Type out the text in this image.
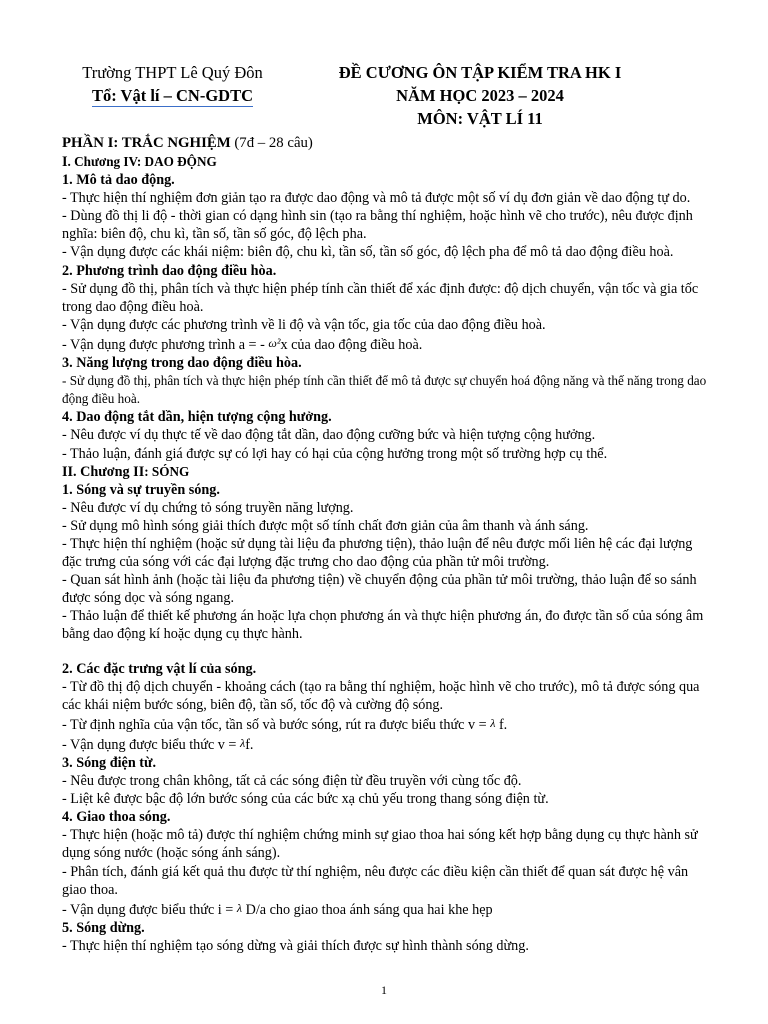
Trường THPT Lê Quý Đôn
Tổ: Vật lí – CN-GDTC
ĐỀ CƯƠNG ÔN TẬP KIỂM TRA HK I
NĂM HỌC 2023 – 2024
MÔN: VẬT LÍ 11
PHẦN I: TRẮC NGHIỆM (7đ – 28 câu)
I. Chương IV: DAO ĐỘNG
1. Mô tả dao động.
- Thực hiện thí nghiệm đơn giản tạo ra được dao động và mô tả được một số ví dụ đơn giản về dao động tự do.
- Dùng đồ thị li độ - thời gian có dạng hình sin (tạo ra bằng thí nghiệm, hoặc hình vẽ cho trước), nêu được định nghĩa: biên độ, chu kì, tần số, tần số góc, độ lệch pha.
- Vận dụng được các khái niệm: biên độ, chu kì, tần số, tần số góc, độ lệch pha để mô tả dao động điều hoà.
2. Phương trình dao động điều hòa.
- Sử dụng đồ thị, phân tích và thực hiện phép tính cần thiết để xác định được: độ dịch chuyển, vận tốc và gia tốc trong dao động điều hoà.
- Vận dụng được các phương trình về li độ và vận tốc, gia tốc của dao động điều hoà.
- Vận dụng được phương trình a = - ω²x của dao động điều hoà.
3. Năng lượng trong dao động điều hòa.
- Sử dụng đồ thị, phân tích và thực hiện phép tính cần thiết để mô tả được sự chuyển hoá động năng và thế năng trong dao động điều hoà.
4. Dao động tắt dần, hiện tượng cộng hưởng.
- Nêu được ví dụ thực tế về dao động tắt dần, dao động cưỡng bức và hiện tượng cộng hưởng.
- Thảo luận, đánh giá được sự có lợi hay có hại của cộng hưởng trong một số trường hợp cụ thể.
II. Chương II: SÓNG
1. Sóng và sự truyền sóng.
- Nêu được ví dụ chứng tỏ sóng truyền năng lượng.
- Sử dụng mô hình sóng giải thích được một số tính chất đơn giản của âm thanh và ánh sáng.
- Thực hiện thí nghiệm (hoặc sử dụng tài liệu đa phương tiện), thảo luận để nêu được mối liên hệ các đại lượng đặc trưng của sóng với các đại lượng đặc trưng cho dao động của phần tử môi trường.
- Quan sát hình ảnh (hoặc tài liệu đa phương tiện) về chuyển động của phần tử môi trường, thảo luận để so sánh được sóng dọc và sóng ngang.
- Thảo luận để thiết kế phương án hoặc lựa chọn phương án và thực hiện phương án, đo được tần số của sóng âm bằng dao động kí hoặc dụng cụ thực hành.
2. Các đặc trưng vật lí của sóng.
- Từ đồ thị độ dịch chuyển - khoảng cách (tạo ra bằng thí nghiệm, hoặc hình vẽ cho trước), mô tả được sóng qua các khái niệm bước sóng, biên độ, tần số, tốc độ và cường độ sóng.
- Từ định nghĩa của vận tốc, tần số và bước sóng, rút ra được biểu thức v = λ f.
- Vận dụng được biểu thức v = λf.
3. Sóng điện từ.
- Nêu được trong chân không, tất cả các sóng điện từ đều truyền với cùng tốc độ.
- Liệt kê được bậc độ lớn bước sóng của các bức xạ chủ yếu trong thang sóng điện từ.
4. Giao thoa sóng.
- Thực hiện (hoặc mô tả) được thí nghiệm chứng minh sự giao thoa hai sóng kết hợp bằng dụng cụ thực hành sử dụng sóng nước (hoặc sóng ánh sáng).
- Phân tích, đánh giá kết quả thu được từ thí nghiệm, nêu được các điều kiện cần thiết để quan sát được hệ vân giao thoa.
- Vận dụng được biểu thức i = λ D/a cho giao thoa ánh sáng qua hai khe hẹp
5. Sóng dừng.
- Thực hiện thí nghiệm tạo sóng dừng và giải thích được sự hình thành sóng dừng.
1
